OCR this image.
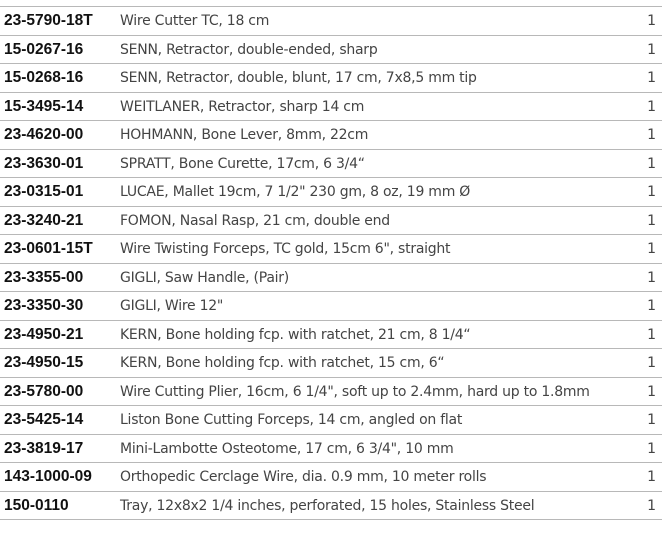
23-5790-18T Wire Cutter TC, 18 cm	1
15-0267-16	SENN, Retractor, double-ended, sharp	1
15-0268-16	SENN, Retractor, double, blunt, 17 cm, 7x8,5 mm tip	1
15-3495-14	WEITLANER, Retractor, sharp 14 cm	1
23-4620-00	HOHMANN, Bone Lever, 8mm, 22cm	1
23-3630-01	SPRATT, Bone Curette, 17cm, 6 3/4“	1
23-0315-01	LUCAE, Mallet 19cm, 7 1/2" 230 gm, 8 oz, 19 mm Ø	1
23-3240-21	FOMON, Nasal Rasp, 21 cm, double end	1
23-0601-15T Wire Twisting Forceps, TC gold, 15cm 6", straight	1
23-3355-00	GIGLI, Saw Handle, (Pair)	1
23-3350-30	GIGLI, Wire 12"	1
23-4950-21	KERN, Bone holding fcp. with ratchet, 21 cm, 8 1/4“	1
23-4950-15	KERN, Bone holding fcp. with ratchet, 15 cm, 6“	1
23-5780-00	Wire Cutting Plier, 16cm, 6 1/4", soft up to 2.4mm, hard up to 1.8mm	1
23-5425-14	Liston Bone Cutting Forceps, 14 cm, angled on flat	1
23-3819-17	Mini-Lambotte Osteotome, 17 cm, 6 3/4", 10 mm	1
143-1000-09 Orthopedic Cerclage Wire, dia. 0.9 mm, 10 meter rolls	1
150-0110	Tray, 12x8x2 1/4 inches, perforated, 15 holes, Stainless Steel	1
